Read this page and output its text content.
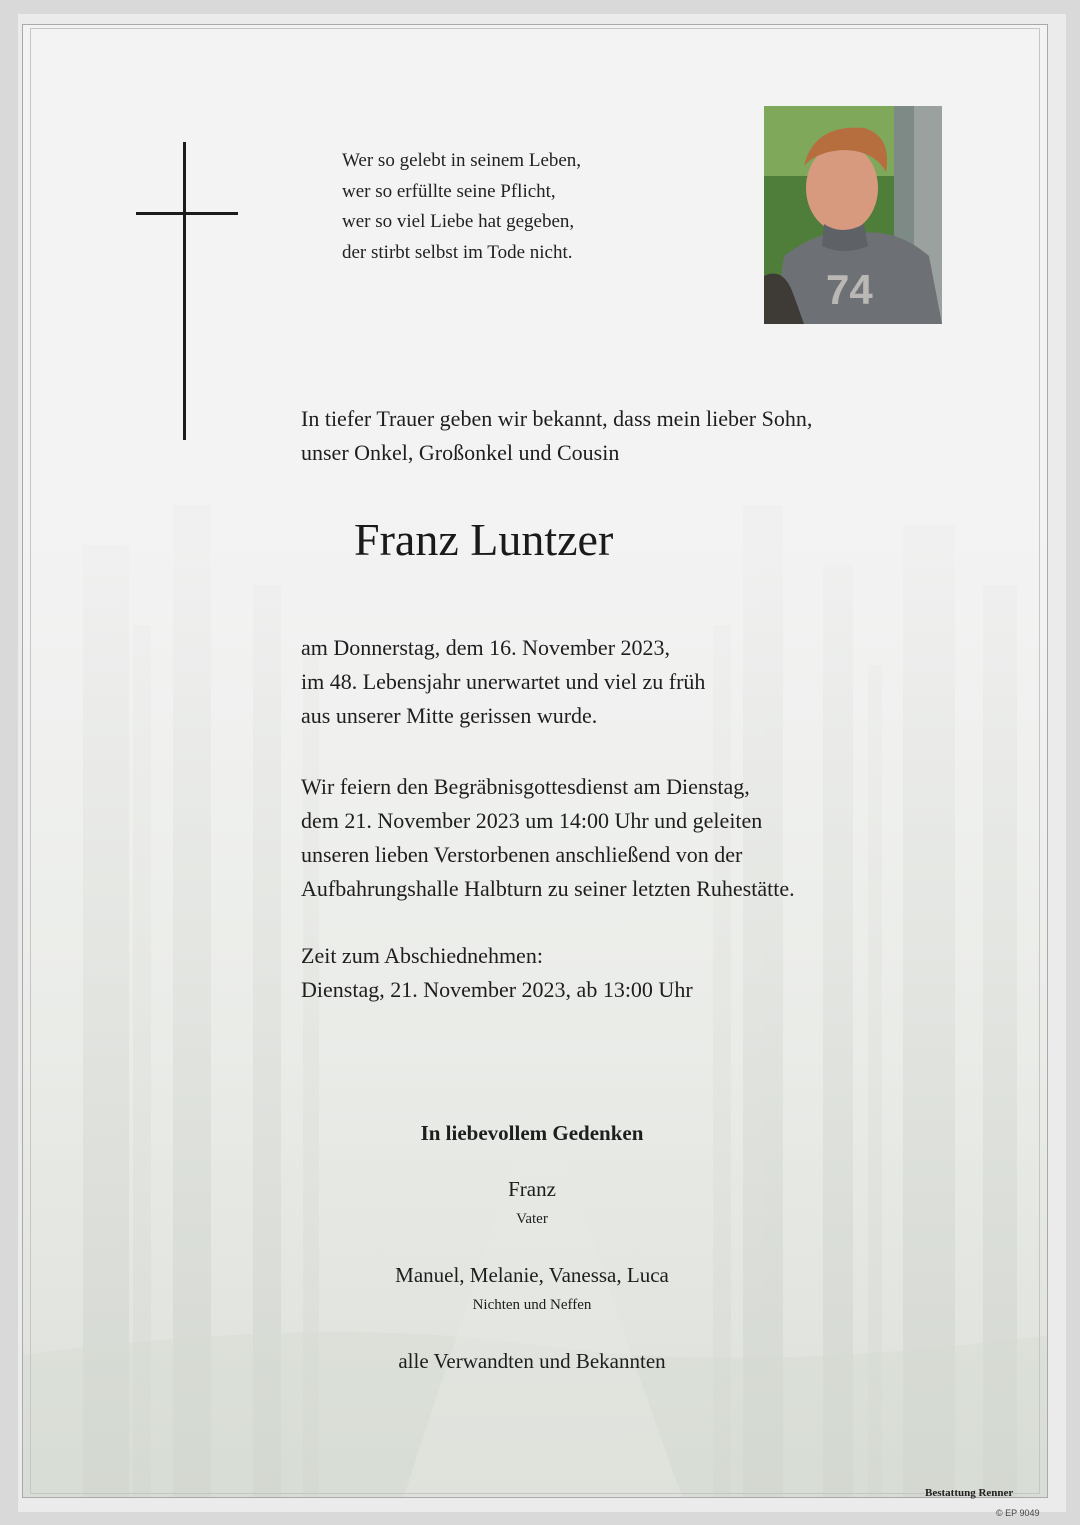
Wer so gelebt in seinem Leben,
wer so erfüllte seine Pflicht,
wer so viel Liebe hat gegeben,
der stirbt selbst im Tode nicht.
74
In tiefer Trauer geben wir bekannt, dass mein lieber Sohn,
unser Onkel, Großonkel und Cousin
Franz Luntzer
am Donnerstag, dem 16. November 2023,
im 48. Lebensjahr unerwartet und viel zu früh
aus unserer Mitte gerissen wurde.
Wir feiern den Begräbnisgottesdienst am Dienstag,
dem 21. November 2023 um 14:00 Uhr und geleiten
unseren lieben Verstorbenen anschließend von der
Aufbahrungshalle Halbturn zu seiner letzten Ruhestätte.
Zeit zum Abschiednehmen:
Dienstag, 21. November 2023, ab 13:00 Uhr
In liebevollem Gedenken
Franz
Vater
Manuel, Melanie, Vanessa, Luca
Nichten und Neffen
alle Verwandten und Bekannten
Bestattung Renner
© EP 9049
